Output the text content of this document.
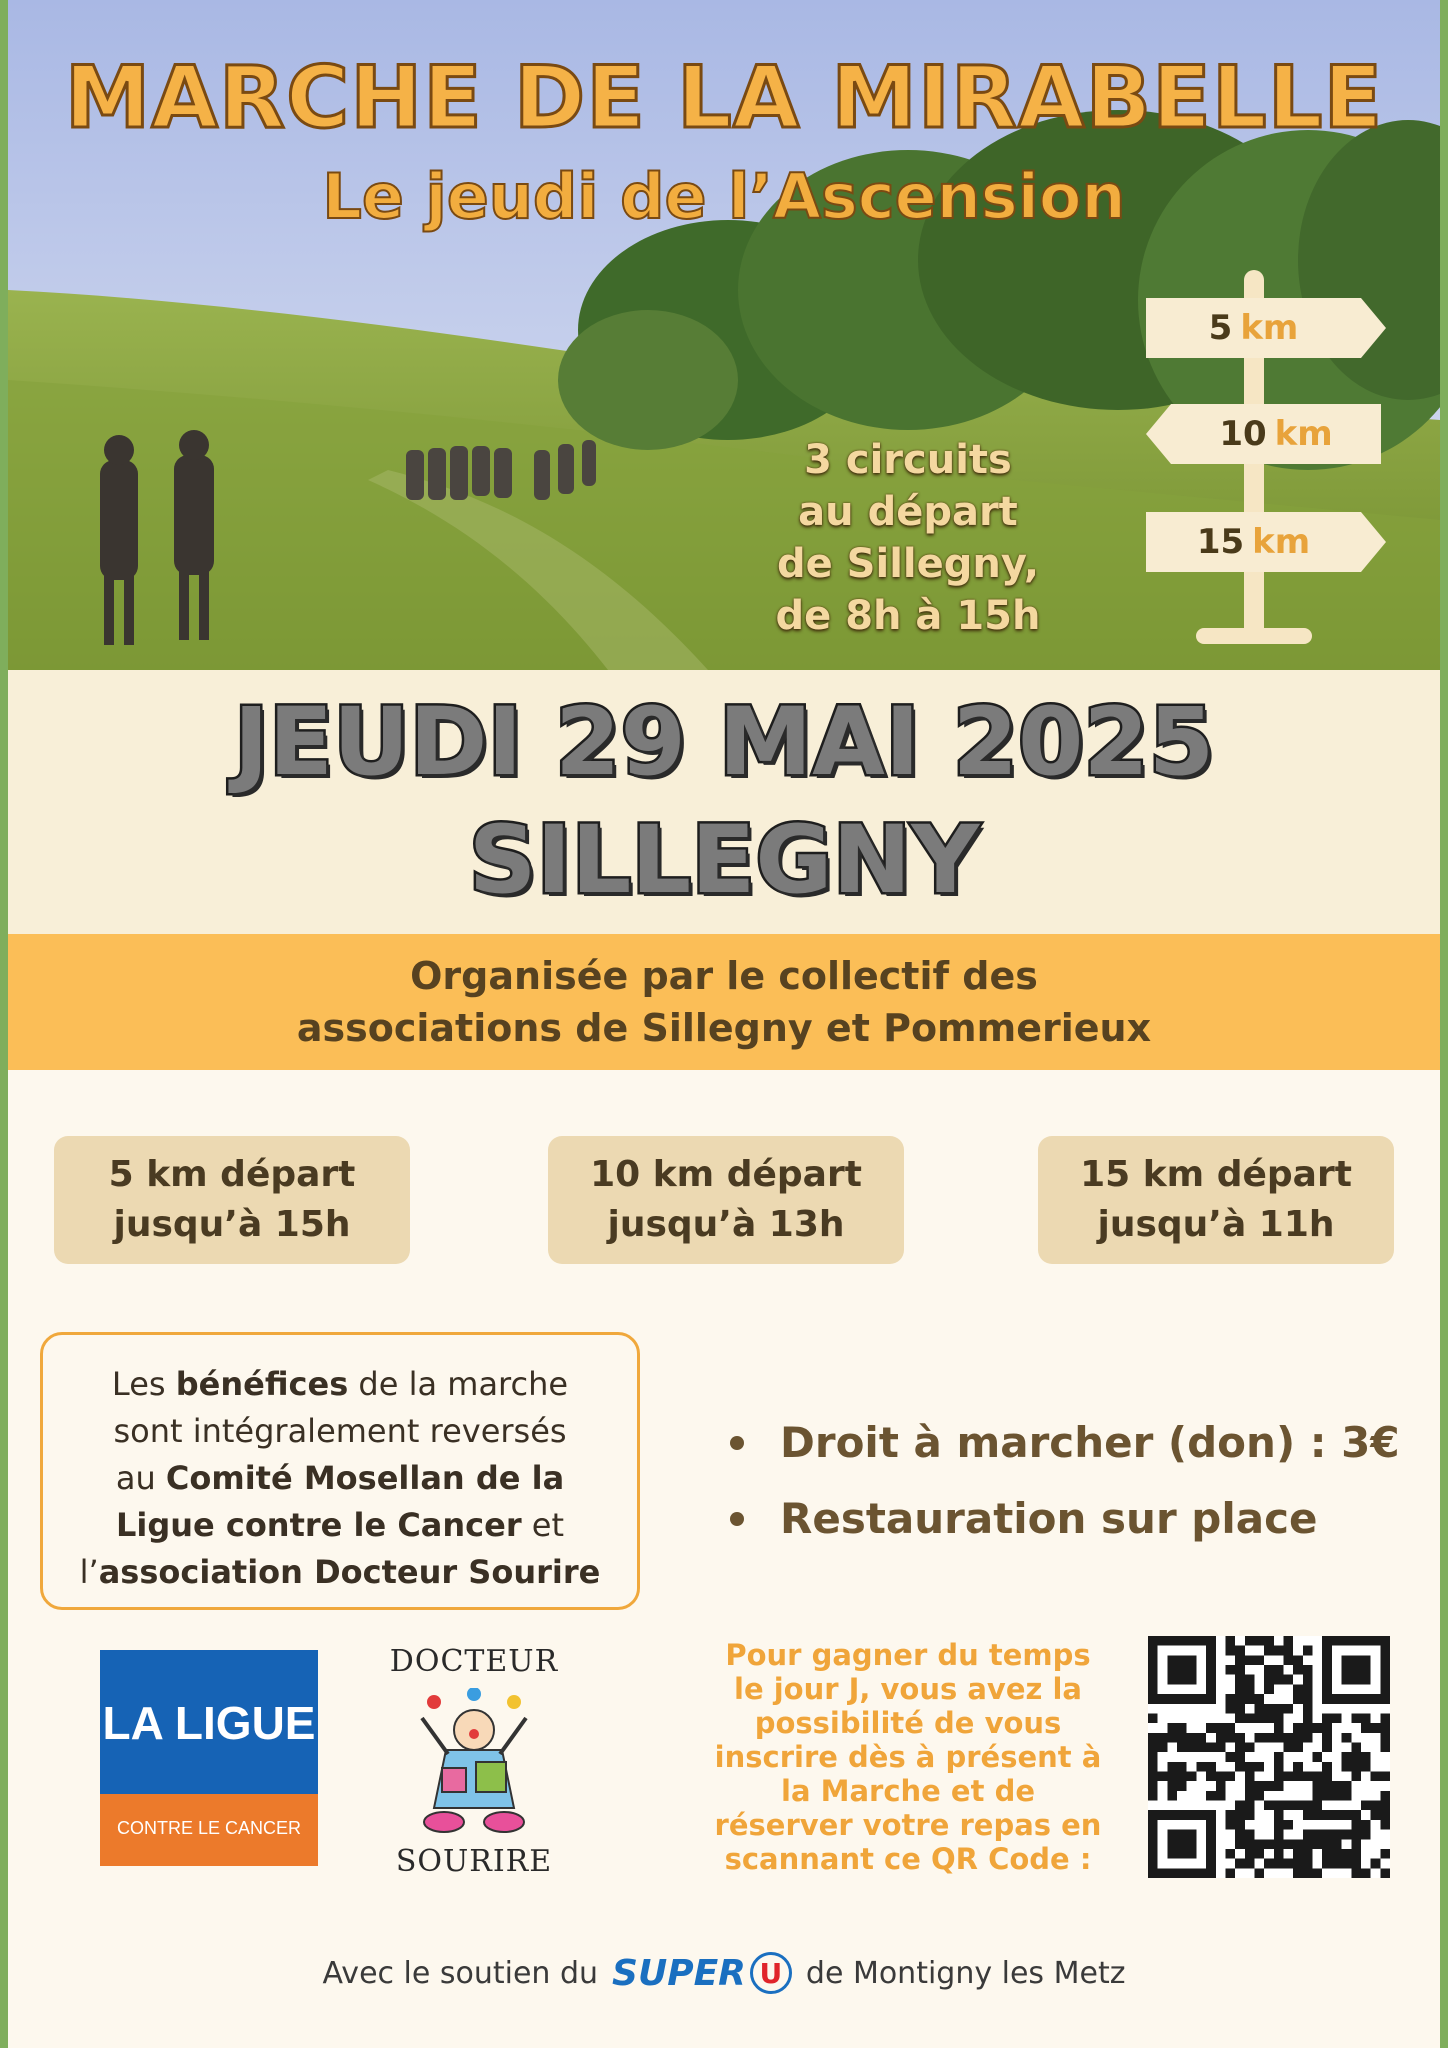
MARCHE DE LA MIRABELLE
Le jeudi de l’Ascension
3 circuits
au départ
de Sillegny,
de 8h à 15h
5 km
10 km
15 km
JEUDI 29 MAI 2025
SILLEGNY
Organisée par le collectif des
associations de Sillegny et Pommerieux
5 km départ
jusqu’à 15h
10 km départ
jusqu’à 13h
15 km départ
jusqu’à 11h
Les bénéfices de la marche
sont intégralement reversés
au Comité Mosellan de la
Ligue contre le Cancer et
l’association Docteur Sourire
Droit à marcher (don) : 3€
Restauration sur place
LA LIGUE
CONTRE LE CANCER
DOCTEUR
SOURIRE
Pour gagner du temps
le jour J, vous avez la
possibilité de vous
inscrire dès à présent à
la Marche et de
réserver votre repas en
scannant ce QR Code :
Avec le soutien du SUPER U de Montigny les Metz
